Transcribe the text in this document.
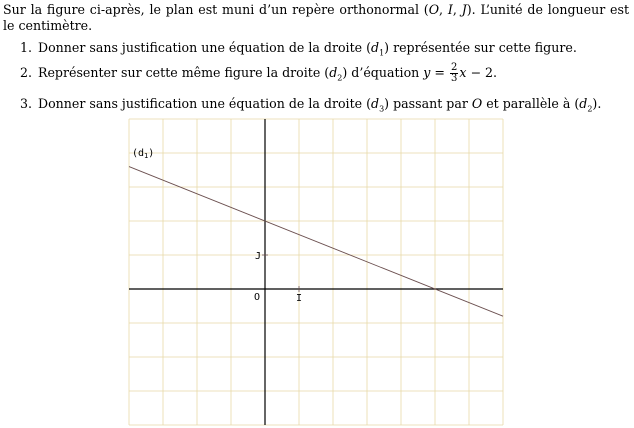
Sur la figure ci-après, le plan est muni d’un repère orthonormal (O, I, J). L’unité de longueur est le centimètre.
1. Donner sans justification une équation de la droite $(d_1)$ représentée sur cette figure.
2. Représenter sur cette même figure la droite $(d_2)$ d’équation $y = \frac{2}{3}$ x − 2.
3. Donner sans justification une équation de la droite $(d_3)$ passant par O et parallèle à $(d_2)$.
$(d_1)$
O	I
J
